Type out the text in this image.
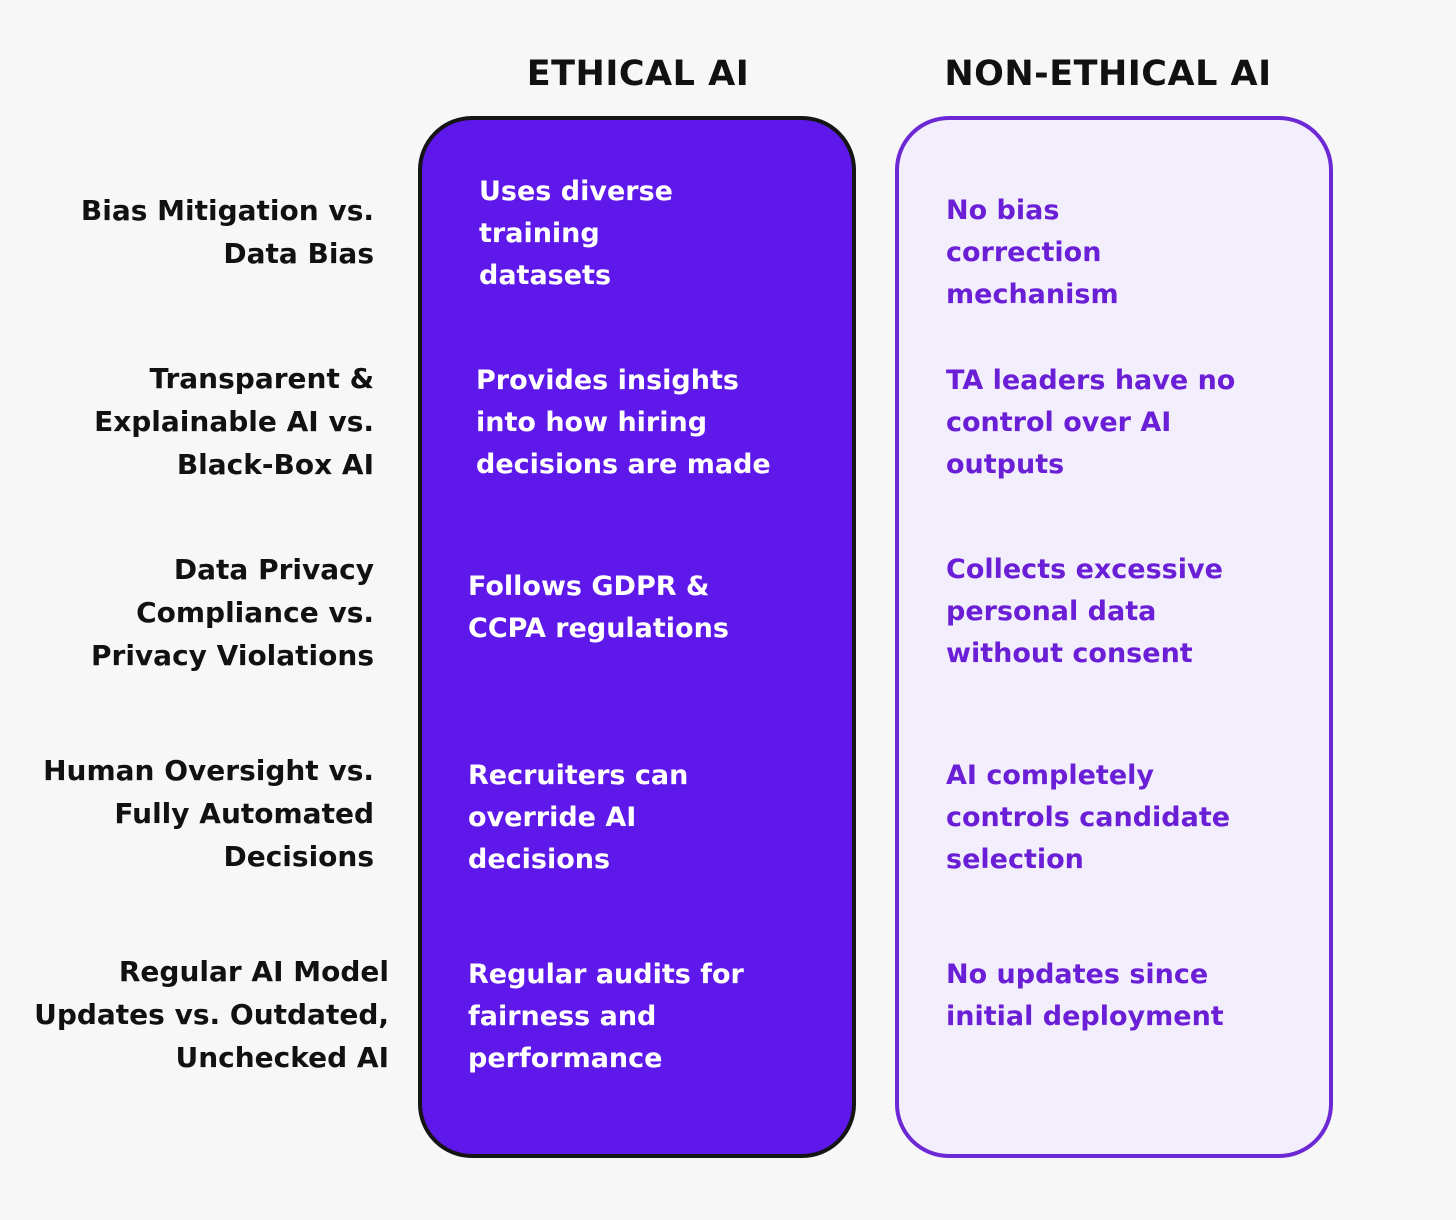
ETHICAL AI	NON-ETHICAL AI
Bias Mitigation vs.
Data Bias
Uses diverse
training
datasets
No bias
correction
mechanism
Transparent &
Explainable AI vs.
Black-Box AI
Provides insights
into how hiring
decisions are made
TA leaders have no
control over AI
outputs
Data Privacy
Compliance vs.
Privacy Violations
Follows GDPR &
CCPA regulations
Collects excessive
personal data
without consent
Human Oversight vs.
Fully Automated
Decisions
Recruiters can
override AI
decisions
AI completely
controls candidate
selection
Regular AI Model
Updates vs. Outdated,
Unchecked AI
Regular audits for
fairness and
performance
No updates since
initial deployment
